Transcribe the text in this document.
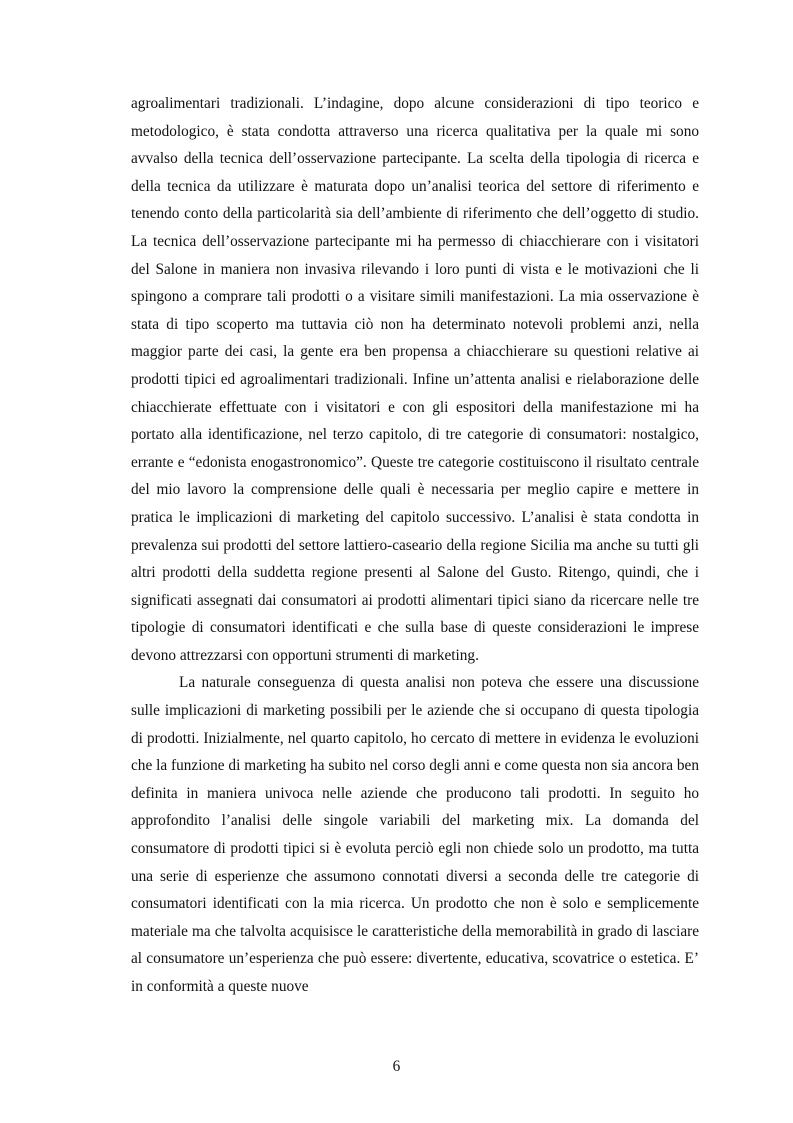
agroalimentari tradizionali. L’indagine, dopo alcune considerazioni di tipo teorico e metodologico, è stata condotta attraverso una ricerca qualitativa per la quale mi sono avvalso della tecnica dell’osservazione partecipante. La scelta della tipologia di ricerca e della tecnica da utilizzare è maturata dopo un’analisi teorica del settore di riferimento e tenendo conto della particolarità sia dell’ambiente di riferimento che dell’oggetto di studio. La tecnica dell’osservazione partecipante mi ha permesso di chiacchierare con i visitatori del Salone in maniera non invasiva rilevando i loro punti di vista e le motivazioni che li spingono a comprare tali prodotti o a visitare simili manifestazioni. La mia osservazione è stata di tipo scoperto ma tuttavia ciò non ha determinato notevoli problemi anzi, nella maggior parte dei casi, la gente era ben propensa a chiacchierare su questioni relative ai prodotti tipici ed agroalimentari tradizionali. Infine un’attenta analisi e rielaborazione delle chiacchierate effettuate con i visitatori e con gli espositori della manifestazione mi ha portato alla identificazione, nel terzo capitolo, di tre categorie di consumatori: nostalgico, errante e “edonista enogastronomico”. Queste tre categorie costituiscono il risultato centrale del mio lavoro la comprensione delle quali è necessaria per meglio capire e mettere in pratica le implicazioni di marketing del capitolo successivo. L’analisi è stata condotta in prevalenza sui prodotti del settore lattiero-caseario della regione Sicilia ma anche su tutti gli altri prodotti della suddetta regione presenti al Salone del Gusto. Ritengo, quindi, che i significati assegnati dai consumatori ai prodotti alimentari tipici siano da ricercare nelle tre tipologie di consumatori identificati e che sulla base di queste considerazioni le imprese devono attrezzarsi con opportuni strumenti di marketing.

La naturale conseguenza di questa analisi non poteva che essere una discussione sulle implicazioni di marketing possibili per le aziende che si occupano di questa tipologia di prodotti. Inizialmente, nel quarto capitolo, ho cercato di mettere in evidenza le evoluzioni che la funzione di marketing ha subito nel corso degli anni e come questa non sia ancora ben definita in maniera univoca nelle aziende che producono tali prodotti. In seguito ho approfondito l’analisi delle singole variabili del marketing mix. La domanda del consumatore di prodotti tipici si è evoluta perciò egli non chiede solo un prodotto, ma tutta una serie di esperienze che assumono connotati diversi a seconda delle tre categorie di consumatori identificati con la mia ricerca. Un prodotto che non è solo e semplicemente materiale ma che talvolta acquisisce le caratteristiche della memorabilità in grado di lasciare al consumatore un’esperienza che può essere: divertente, educativa, scovatrice o estetica. E’ in conformità a queste nuove

6
